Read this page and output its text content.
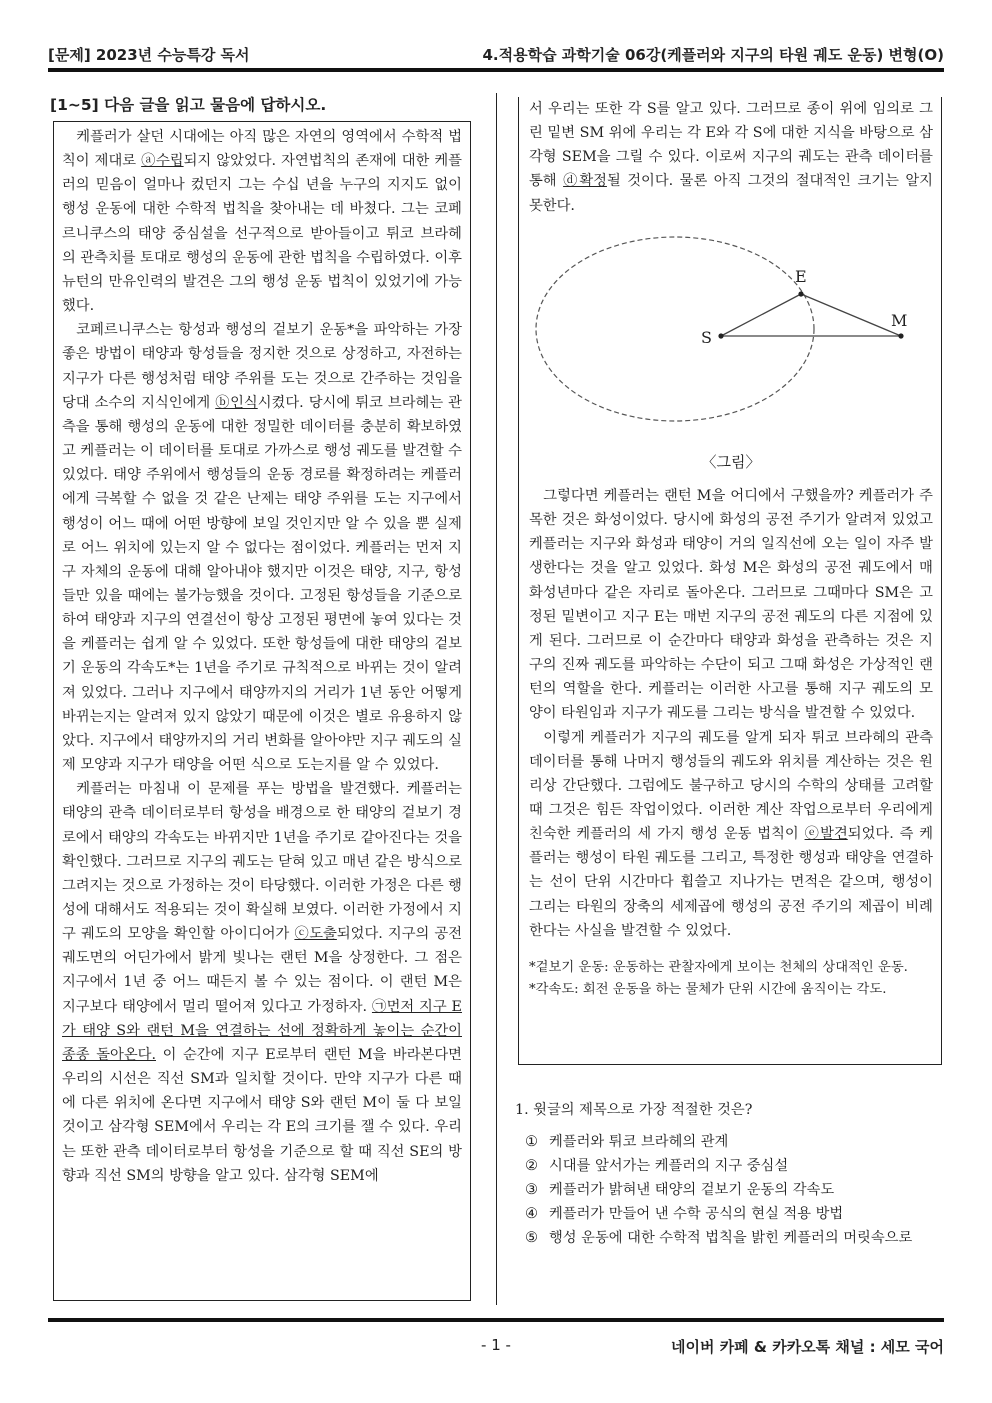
[문제] 2023년 수능특강 독서	4.적용학습 과학기술 06강(케플러와 지구의 타원 궤도 운동) 변형(O)
[1~5] 다음 글을 읽고 물음에 답하시오.

케플러가 살던 시대에는 아직 많은 자연의 영역에서 수학적 법칙이 제대로 ⓐ수립되지 않았었다. 자연법칙의 존재에 대한 케플러의 믿음이 얼마나 컸던지 그는 수십 년을 누구의 지지도 없이 행성 운동에 대한 수학적 법칙을 찾아내는 데 바쳤다. 그는 코페르니쿠스의 태양 중심설을 선구적으로 받아들이고 튀코 브라헤의 관측치를 토대로 행성의 운동에 관한 법칙을 수립하였다. 이후 뉴턴의 만유인력의 발견은 그의 행성 운동 법칙이 있었기에 가능했다.

코페르니쿠스는 항성과 행성의 겉보기 운동*을 파악하는 가장 좋은 방법이 태양과 항성들을 정지한 것으로 상정하고, 자전하는 지구가 다른 행성처럼 태양 주위를 도는 것으로 간주하는 것임을 당대 소수의 지식인에게 ⓑ인식시켰다. 당시에 튀코 브라헤는 관측을 통해 행성의 운동에 대한 정밀한 데이터를 충분히 확보하였고 케플러는 이 데이터를 토대로 가까스로 행성 궤도를 발견할 수 있었다. 태양 주위에서 행성들의 운동 경로를 확정하려는 케플러에게 극복할 수 없을 것 같은 난제는 태양 주위를 도는 지구에서 행성이 어느 때에 어떤 방향에 보일 것인지만 알 수 있을 뿐 실제로 어느 위치에 있는지 알 수 없다는 점이었다. 케플러는 먼저 지구 자체의 운동에 대해 알아내야 했지만 이것은 태양, 지구, 항성들만 있을 때에는 불가능했을 것이다. 고정된 항성들을 기준으로 하여 태양과 지구의 연결선이 항상 고정된 평면에 놓여 있다는 것을 케플러는 쉽게 알 수 있었다. 또한 항성들에 대한 태양의 겉보기 운동의 각속도*는 1년을 주기로 규칙적으로 바뀌는 것이 알려져 있었다. 그러나 지구에서 태양까지의 거리가 1년 동안 어떻게 바뀌는지는 알려져 있지 않았기 때문에 이것은 별로 유용하지 않았다. 지구에서 태양까지의 거리 변화를 알아야만 지구 궤도의 실제 모양과 지구가 태양을 어떤 식으로 도는지를 알 수 있었다.

케플러는 마침내 이 문제를 푸는 방법을 발견했다. 케플러는 태양의 관측 데이터로부터 항성을 배경으로 한 태양의 겉보기 경로에서 태양의 각속도는 바뀌지만 1년을 주기로 같아진다는 것을 확인했다. 그러므로 지구의 궤도는 닫혀 있고 매년 같은 방식으로 그려지는 것으로 가정하는 것이 타당했다. 이러한 가정은 다른 행성에 대해서도 적용되는 것이 확실해 보였다. 이러한 가정에서 지구 궤도의 모양을 확인할 아이디어가 ⓒ도출되었다. 지구의 공전 궤도면의 어딘가에서 밝게 빛나는 랜턴 M을 상정한다. 그 점은 지구에서 1년 중 어느 때든지 볼 수 있는 점이다. 이 랜턴 M은 지구보다 태양에서 멀리 떨어져 있다고 가정하자. ㉠먼저 지구 E가 태양 S와 랜턴 M을 연결하는 선에 정확하게 놓이는 순간이 종종 돌아온다. 이 순간에 지구 E로부터 랜턴 M을 바라본다면 우리의 시선은 직선 SM과 일치할 것이다. 만약 지구가 다른 때에 다른 위치에 온다면 지구에서 태양 S와 랜턴 M이 둘 다 보일 것이고 삼각형 SEM에서 우리는 각 E의 크기를 잴 수 있다. 우리는 또한 관측 데이터로부터 항성을 기준으로 할 때 직선 SE의 방향과 직선 SM의 방향을 알고 있다. 삼각형 SEM에

서 우리는 또한 각 S를 알고 있다. 그러므로 종이 위에 임의로 그린 밑변 SM 위에 우리는 각 E와 각 S에 대한 지식을 바탕으로 삼각형 SEM을 그릴 수 있다. 이로써 지구의 궤도는 관측 데이터를 통해 ⓓ확정될 것이다. 물론 아직 그것의 절대적인 크기는 알지 못한다.

S
E
M
〈그림〉

그렇다면 케플러는 랜턴 M을 어디에서 구했을까? 케플러가 주목한 것은 화성이었다. 당시에 화성의 공전 주기가 알려져 있었고 케플러는 지구와 화성과 태양이 거의 일직선에 오는 일이 자주 발생한다는 것을 알고 있었다. 화성 M은 화성의 공전 궤도에서 매 화성년마다 같은 자리로 돌아온다. 그러므로 그때마다 SM은 고정된 밑변이고 지구 E는 매번 지구의 공전 궤도의 다른 지점에 있게 된다. 그러므로 이 순간마다 태양과 화성을 관측하는 것은 지구의 진짜 궤도를 파악하는 수단이 되고 그때 화성은 가상적인 랜턴의 역할을 한다. 케플러는 이러한 사고를 통해 지구 궤도의 모양이 타원임과 지구가 궤도를 그리는 방식을 발견할 수 있었다.

이렇게 케플러가 지구의 궤도를 알게 되자 튀코 브라헤의 관측 데이터를 통해 나머지 행성들의 궤도와 위치를 계산하는 것은 원리상 간단했다. 그럼에도 불구하고 당시의 수학의 상태를 고려할 때 그것은 힘든 작업이었다. 이러한 계산 작업으로부터 우리에게 친숙한 케플러의 세 가지 행성 운동 법칙이 ⓔ발견되었다. 즉 케플러는 행성이 타원 궤도를 그리고, 특정한 행성과 태양을 연결하는 선이 단위 시간마다 휩쓸고 지나가는 면적은 같으며, 행성이 그리는 타원의 장축의 세제곱에 행성의 공전 주기의 제곱이 비례한다는 사실을 발견할 수 있었다.

*겉보기 운동: 운동하는 관찰자에게 보이는 천체의 상대적인 운동.
*각속도: 회전 운동을 하는 물체가 단위 시간에 움직이는 각도.
1. 윗글의 제목으로 가장 적절한 것은?
① 케플러와 튀코 브라헤의 관계
② 시대를 앞서가는 케플러의 지구 중심설
③ 케플러가 밝혀낸 태양의 겉보기 운동의 각속도
④ 케플러가 만들어 낸 수학 공식의 현실 적용 방법
⑤ 행성 운동에 대한 수학적 법칙을 밝힌 케플러의 머릿속으로
- 1 -	네이버 카페 & 카카오톡 채널 : 세모 국어
